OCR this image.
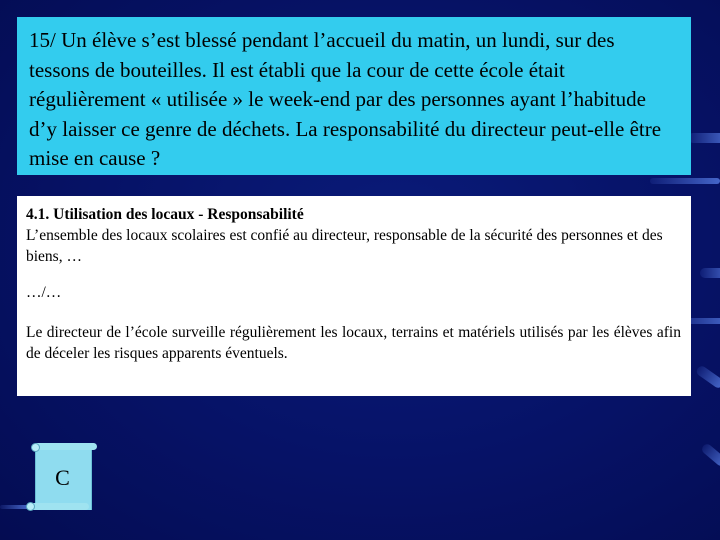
15/ Un élève s’est blessé pendant l’accueil du matin, un lundi, sur des tessons de bouteilles. Il est établi que la cour de cette école était régulièrement « utilisée » le week-end par des personnes ayant l’habitude d’y laisser ce genre de déchets. La responsabilité du directeur peut-elle être mise en cause ?
4.1. Utilisation des locaux - Responsabilité
L’ensemble des locaux scolaires est confié au directeur, responsable de la sécurité des personnes et des biens, …
…/…
Le directeur de l’école surveille régulièrement les locaux, terrains et matériels utilisés par les élèves afin de déceler les risques apparents éventuels.
C
